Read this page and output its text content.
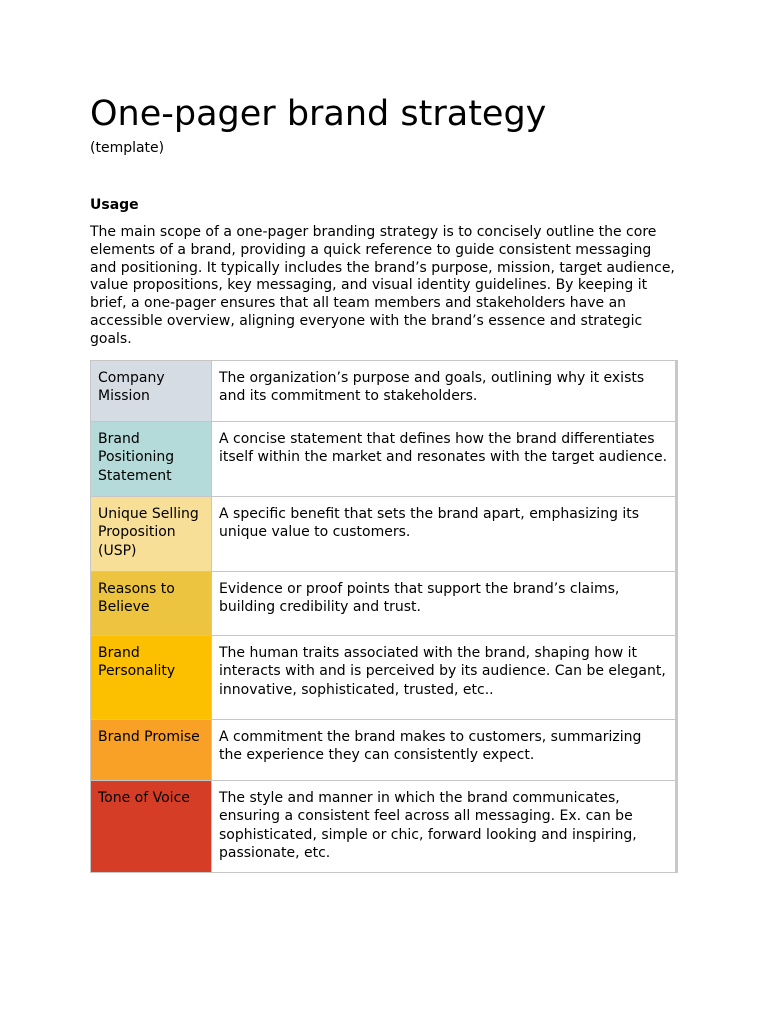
One-pager brand strategy
(template)
Usage

The main scope of a one-pager branding strategy is to concisely outline the core elements of a brand, providing a quick reference to guide consistent messaging and positioning. It typically includes the brand’s purpose, mission, target audience, value propositions, key messaging, and visual identity guidelines. By keeping it brief, a one-pager ensures that all team members and stakeholders have an accessible overview, aligning everyone with the brand’s essence and strategic goals.

Company Mission	The organization’s purpose and goals, outlining why it exists and its commitment to stakeholders.
Brand Positioning Statement	A concise statement that defines how the brand differentiates itself within the market and resonates with the target audience.
Unique Selling Proposition (USP)	A specific benefit that sets the brand apart, emphasizing its unique value to customers.
Reasons to Believe	Evidence or proof points that support the brand’s claims, building credibility and trust.
Brand Personality	The human traits associated with the brand, shaping how it interacts with and is perceived by its audience. Can be elegant, innovative, sophisticated, trusted, etc..
Brand Promise	A commitment the brand makes to customers, summarizing the experience they can consistently expect.
Tone of Voice	The style and manner in which the brand communicates, ensuring a consistent feel across all messaging. Ex. can be sophisticated, simple or chic, forward looking and inspiring, passionate, etc.
